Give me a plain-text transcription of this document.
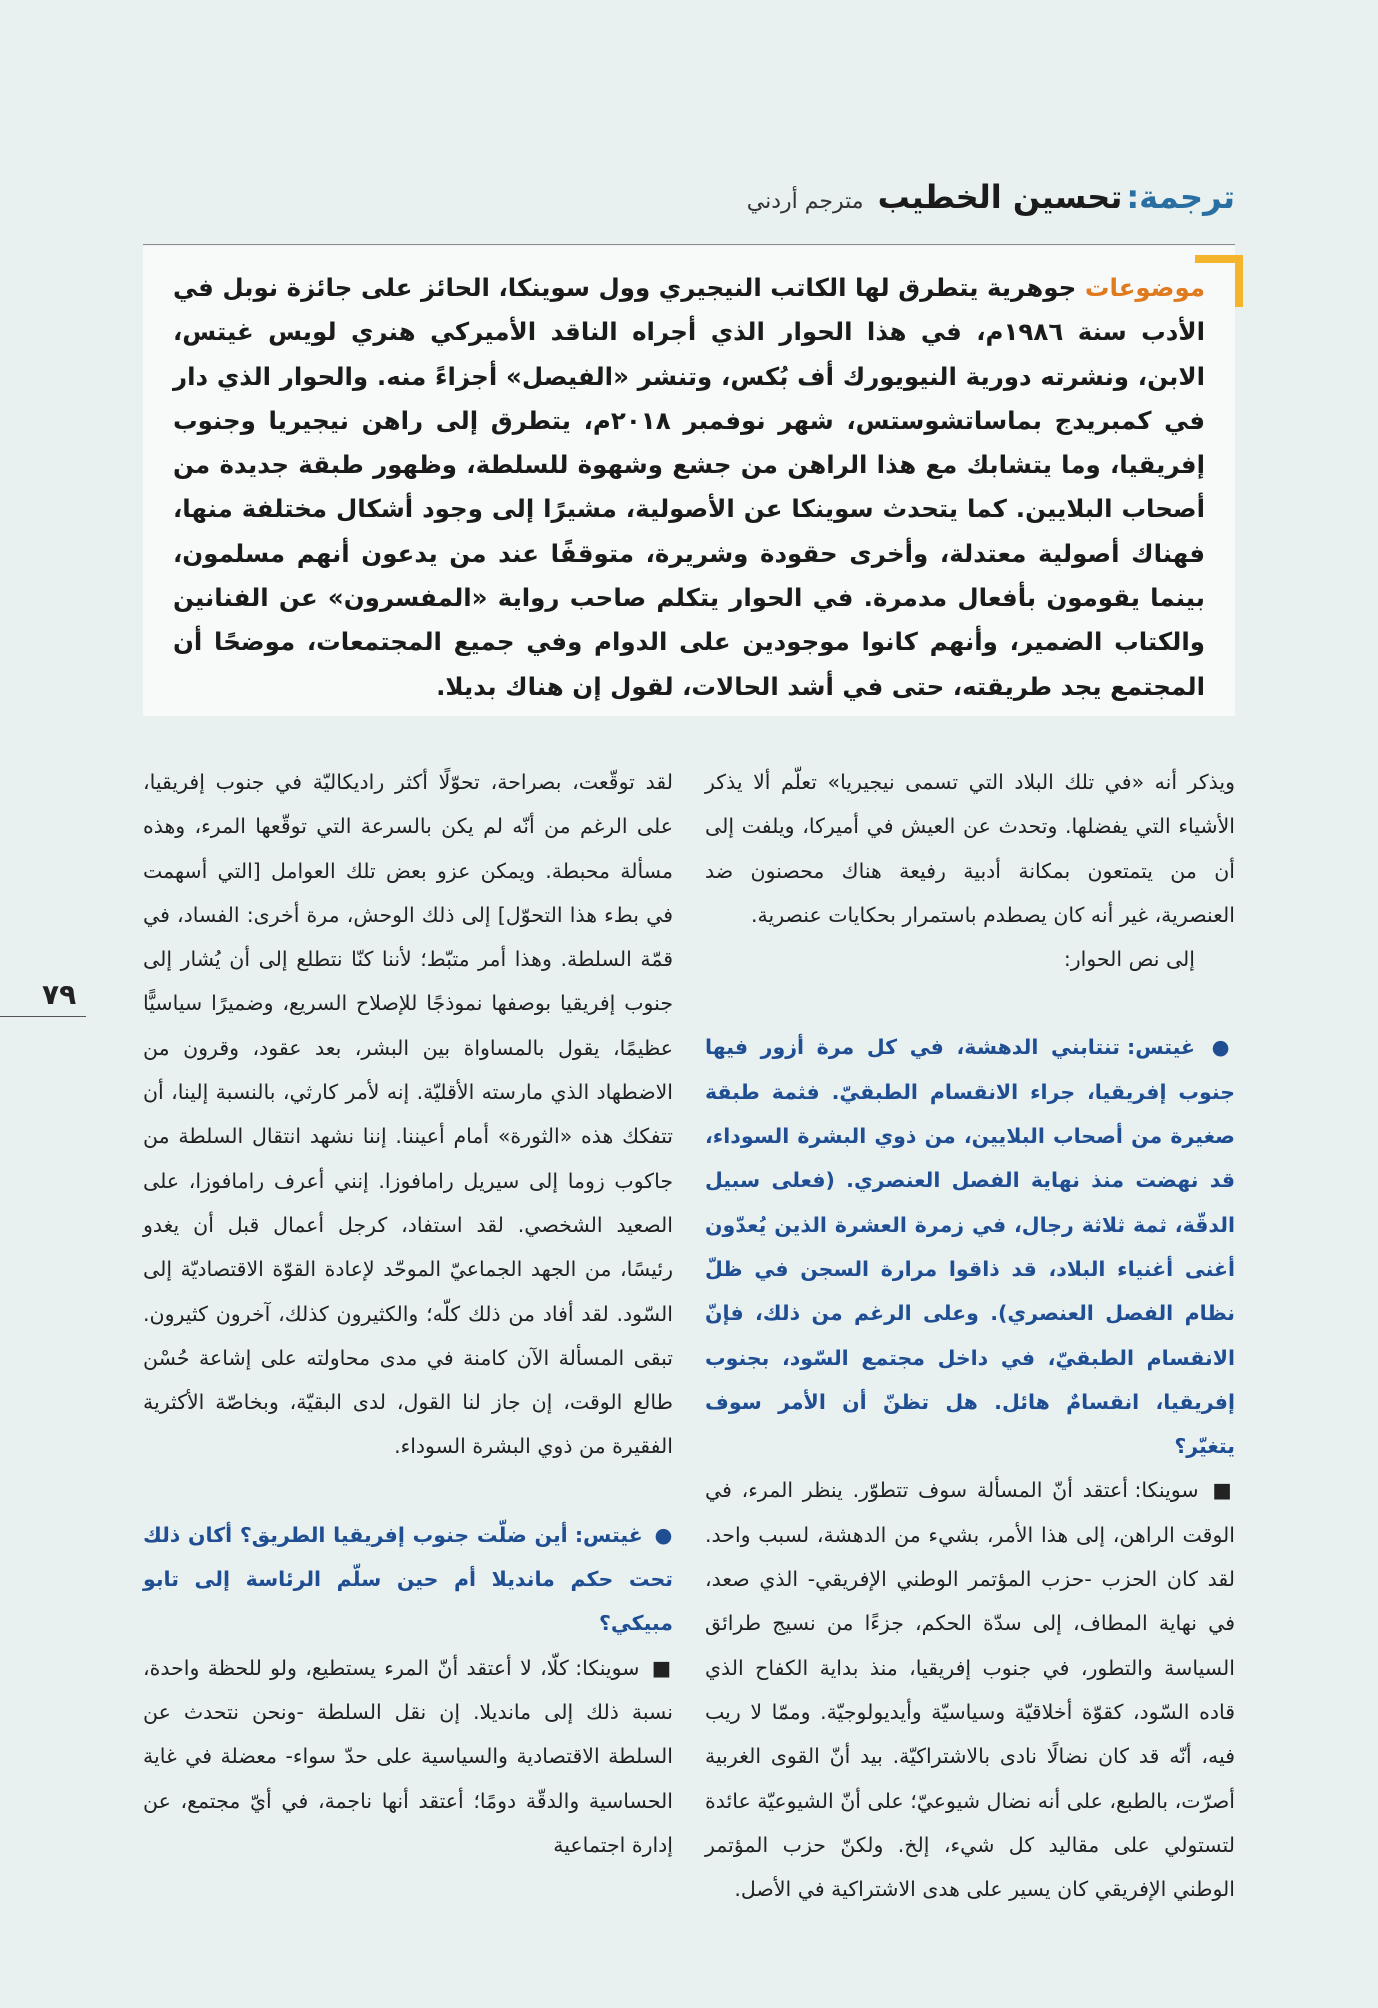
ترجمة:
تحسين الخطيب
مترجم أردني

موضوعات جوهرية يتطرق لها الكاتب النيجيري وول سوينكا، الحائز على جائزة نوبل في الأدب سنة ١٩٨٦م، في هذا الحوار الذي أجراه الناقد الأميركي هنري لويس غيتس، الابن، ونشرته دورية النيويورك أف بُكس، وتنشر «الفيصل» أجزاءً منه. والحوار الذي دار في كمبريدج بماساتشوستس، شهر نوفمبر ٢٠١٨م، يتطرق إلى راهن نيجيريا وجنوب إفريقيا، وما يتشابك مع هذا الراهن من جشع وشهوة للسلطة، وظهور طبقة جديدة من أصحاب البلايين. كما يتحدث سوينكا عن الأصولية، مشيرًا إلى وجود أشكال مختلفة منها، فهناك أصولية معتدلة، وأخرى حقودة وشريرة، متوقفًا عند من يدعون أنهم مسلمون، بينما يقومون بأفعال مدمرة. في الحوار يتكلم صاحب رواية «المفسرون» عن الفنانين والكتاب الضمير، وأنهم كانوا موجودين على الدوام وفي جميع المجتمعات، موضحًا أن المجتمع يجد طريقته، حتى في أشد الحالات، لقول إن هناك بديلا.

ويذكر أنه «في تلك البلاد التي تسمى نيجيريا» تعلّم ألا يذكر الأشياء التي يفضلها. وتحدث عن العيش في أميركا، ويلفت إلى أن من يتمتعون بمكانة أدبية رفيعة هناك محصنون ضد العنصرية، غير أنه كان يصطدم باستمرار بحكايات عنصرية.

إلى نص الحوار:

● غيتس: تنتابني الدهشة، في كل مرة أزور فيها جنوب إفريقيا، جراء الانقسام الطبقيّ. فثمة طبقة صغيرة من أصحاب البلايين، من ذوي البشرة السوداء، قد نهضت منذ نهاية الفصل العنصري. (فعلى سبيل الدقّة، ثمة ثلاثة رجال، في زمرة العشرة الذين يُعدّون أغنى أغنياء البلاد، قد ذاقوا مرارة السجن في ظلّ نظام الفصل العنصري). وعلى الرغم من ذلك، فإنّ الانقسام الطبقيّ، في داخل مجتمع السّود، بجنوب إفريقيا، انقسامٌ هائل. هل تظنّ أن الأمر سوف يتغيّر؟

■ سوينكا: أعتقد أنّ المسألة سوف تتطوّر. ينظر المرء، في الوقت الراهن، إلى هذا الأمر، بشيء من الدهشة، لسبب واحد. لقد كان الحزب -حزب المؤتمر الوطني الإفريقي- الذي صعد، في نهاية المطاف، إلى سدّة الحكم، جزءًا من نسيج طرائق السياسة والتطور، في جنوب إفريقيا، منذ بداية الكفاح الذي قاده السّود، كقوّة أخلاقيّة وسياسيّة وأيديولوجيّة. وممّا لا ريب فيه، أنّه قد كان نضالًا نادى بالاشتراكيّة. بيد أنّ القوى الغربية أصرّت، بالطبع، على أنه نضال شيوعيّ؛ على أنّ الشيوعيّة عائدة لتستولي على مقاليد كل شيء، إلخ. ولكنّ حزب المؤتمر الوطني الإفريقي كان يسير على هدى الاشتراكية في الأصل.

لقد توقّعت، بصراحة، تحوّلًا أكثر راديكاليّة في جنوب إفريقيا، على الرغم من أنّه لم يكن بالسرعة التي توقّعها المرء، وهذه مسألة محبطة. ويمكن عزو بعض تلك العوامل [التي أسهمت في بطء هذا التحوّل] إلى ذلك الوحش، مرة أخرى: الفساد، في قمّة السلطة. وهذا أمر متبّط؛ لأننا كنّا نتطلع إلى أن يُشار إلى جنوب إفريقيا بوصفها نموذجًا للإصلاح السريع، وضميرًا سياسيًّا عظيمًا، يقول بالمساواة بين البشر، بعد عقود، وقرون من الاضطهاد الذي مارسته الأقليّة. إنه لأمر كارثي، بالنسبة إلينا، أن تتفكك هذه «الثورة» أمام أعيننا. إننا نشهد انتقال السلطة من جاكوب زوما إلى سيريل رامافوزا. إنني أعرف رامافوزا، على الصعيد الشخصي. لقد استفاد، كرجل أعمال قبل أن يغدو رئيسًا، من الجهد الجماعيّ الموحّد لإعادة القوّة الاقتصاديّة إلى السّود. لقد أفاد من ذلك كلّه؛ والكثيرون كذلك، آخرون كثيرون. تبقى المسألة الآن كامنة في مدى محاولته على إشاعة حُسْن طالع الوقت، إن جاز لنا القول، لدى البقيّة، وبخاصّة الأكثرية الفقيرة من ذوي البشرة السوداء.

● غيتس: أين ضلّت جنوب إفريقيا الطريق؟ أكان ذلك تحت حكم مانديلا أم حين سلّم الرئاسة إلى تابو مبيكي؟

■ سوينكا: كلّا، لا أعتقد أنّ المرء يستطيع، ولو للحظة واحدة، نسبة ذلك إلى مانديلا. إن نقل السلطة -ونحن نتحدث عن السلطة الاقتصادية والسياسية على حدّ سواء- معضلة في غاية الحساسية والدقّة دومًا؛ أعتقد أنها ناجمة، في أيّ مجتمع، عن إدارة اجتماعية

٧٩
